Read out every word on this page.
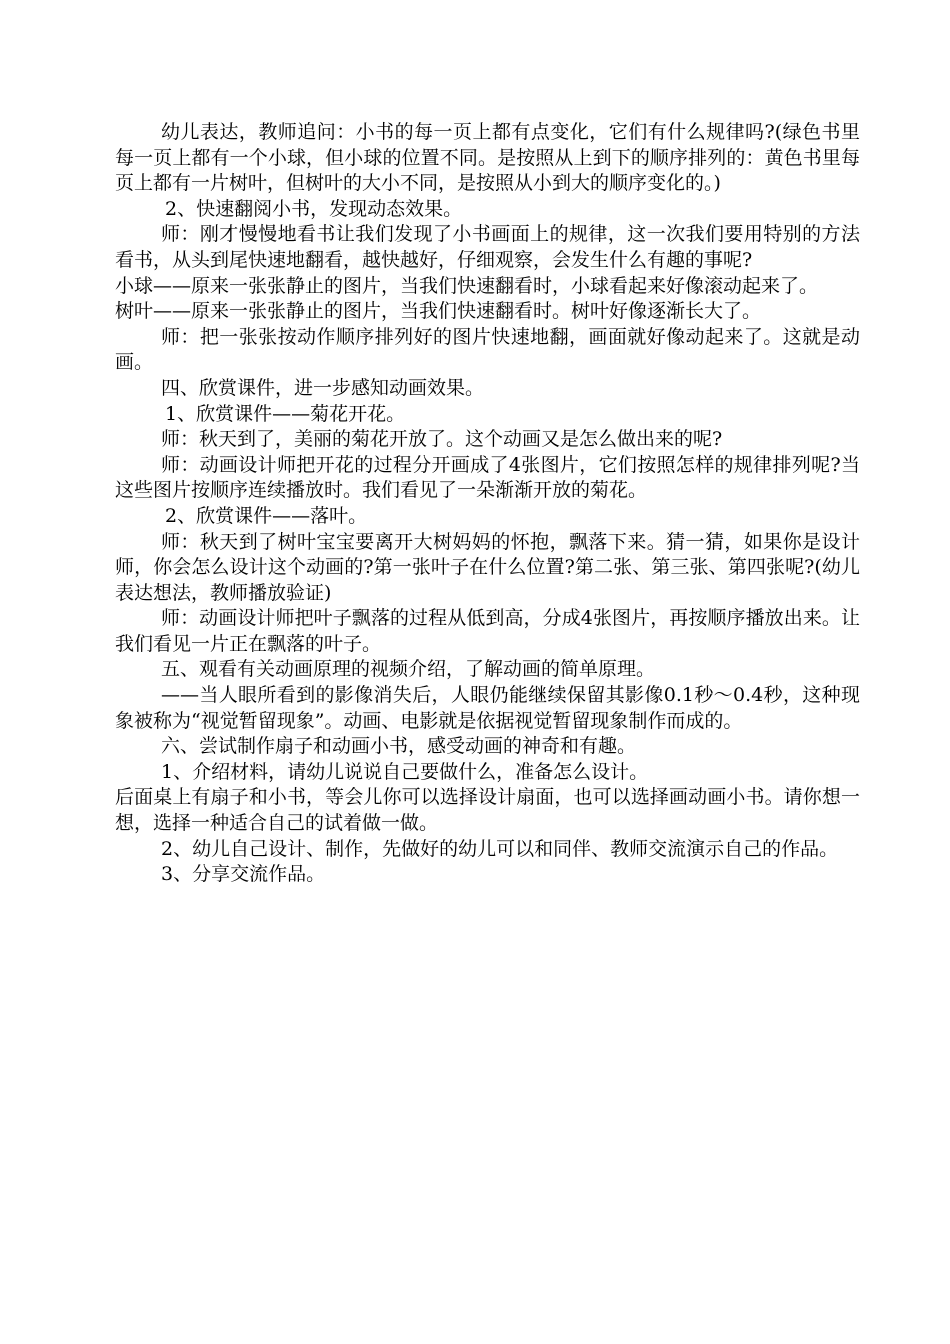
幼儿表达，教师追问：小书的每一页上都有点变化，它们有什么规律吗?(绿色书里每一页上都有一个小球，但小球的位置不同。是按照从上到下的顺序排列的：黄色书里每页上都有一片树叶，但树叶的大小不同，是按照从小到大的顺序变化的。)

2、快速翻阅小书，发现动态效果。

师：刚才慢慢地看书让我们发现了小书画面上的规律，这一次我们要用特别的方法看书，从头到尾快速地翻看，越快越好，仔细观察，会发生什么有趣的事呢?

小球——原来一张张静止的图片，当我们快速翻看时，小球看起来好像滚动起来了。

树叶——原来一张张静止的图片，当我们快速翻看时。树叶好像逐渐长大了。

师：把一张张按动作顺序排列好的图片快速地翻，画面就好像动起来了。这就是动画。

四、欣赏课件，进一步感知动画效果。

1、欣赏课件——菊花开花。

师：秋天到了，美丽的菊花开放了。这个动画又是怎么做出来的呢?

师：动画设计师把开花的过程分开画成了4张图片，它们按照怎样的规律排列呢?当这些图片按顺序连续播放时。我们看见了一朵渐渐开放的菊花。

2、欣赏课件——落叶。

师：秋天到了树叶宝宝要离开大树妈妈的怀抱，飘落下来。猜一猜，如果你是设计师，你会怎么设计这个动画的?第一张叶子在什么位置?第二张、第三张、第四张呢?(幼儿表达想法，教师播放验证)

师：动画设计师把叶子飘落的过程从低到高，分成4张图片，再按顺序播放出来。让我们看见一片正在飘落的叶子。

五、观看有关动画原理的视频介绍，了解动画的简单原理。

——当人眼所看到的影像消失后，人眼仍能继续保留其影像0.1秒～0.4秒，这种现象被称为“视觉暂留现象”。动画、电影就是依据视觉暂留现象制作而成的。

六、尝试制作扇子和动画小书，感受动画的神奇和有趣。

1、介绍材料，请幼儿说说自己要做什么，准备怎么设计。

后面桌上有扇子和小书，等会儿你可以选择设计扇面，也可以选择画动画小书。请你想一想，选择一种适合自己的试着做一做。

2、幼儿自己设计、制作，先做好的幼儿可以和同伴、教师交流演示自己的作品。

3、分享交流作品。
